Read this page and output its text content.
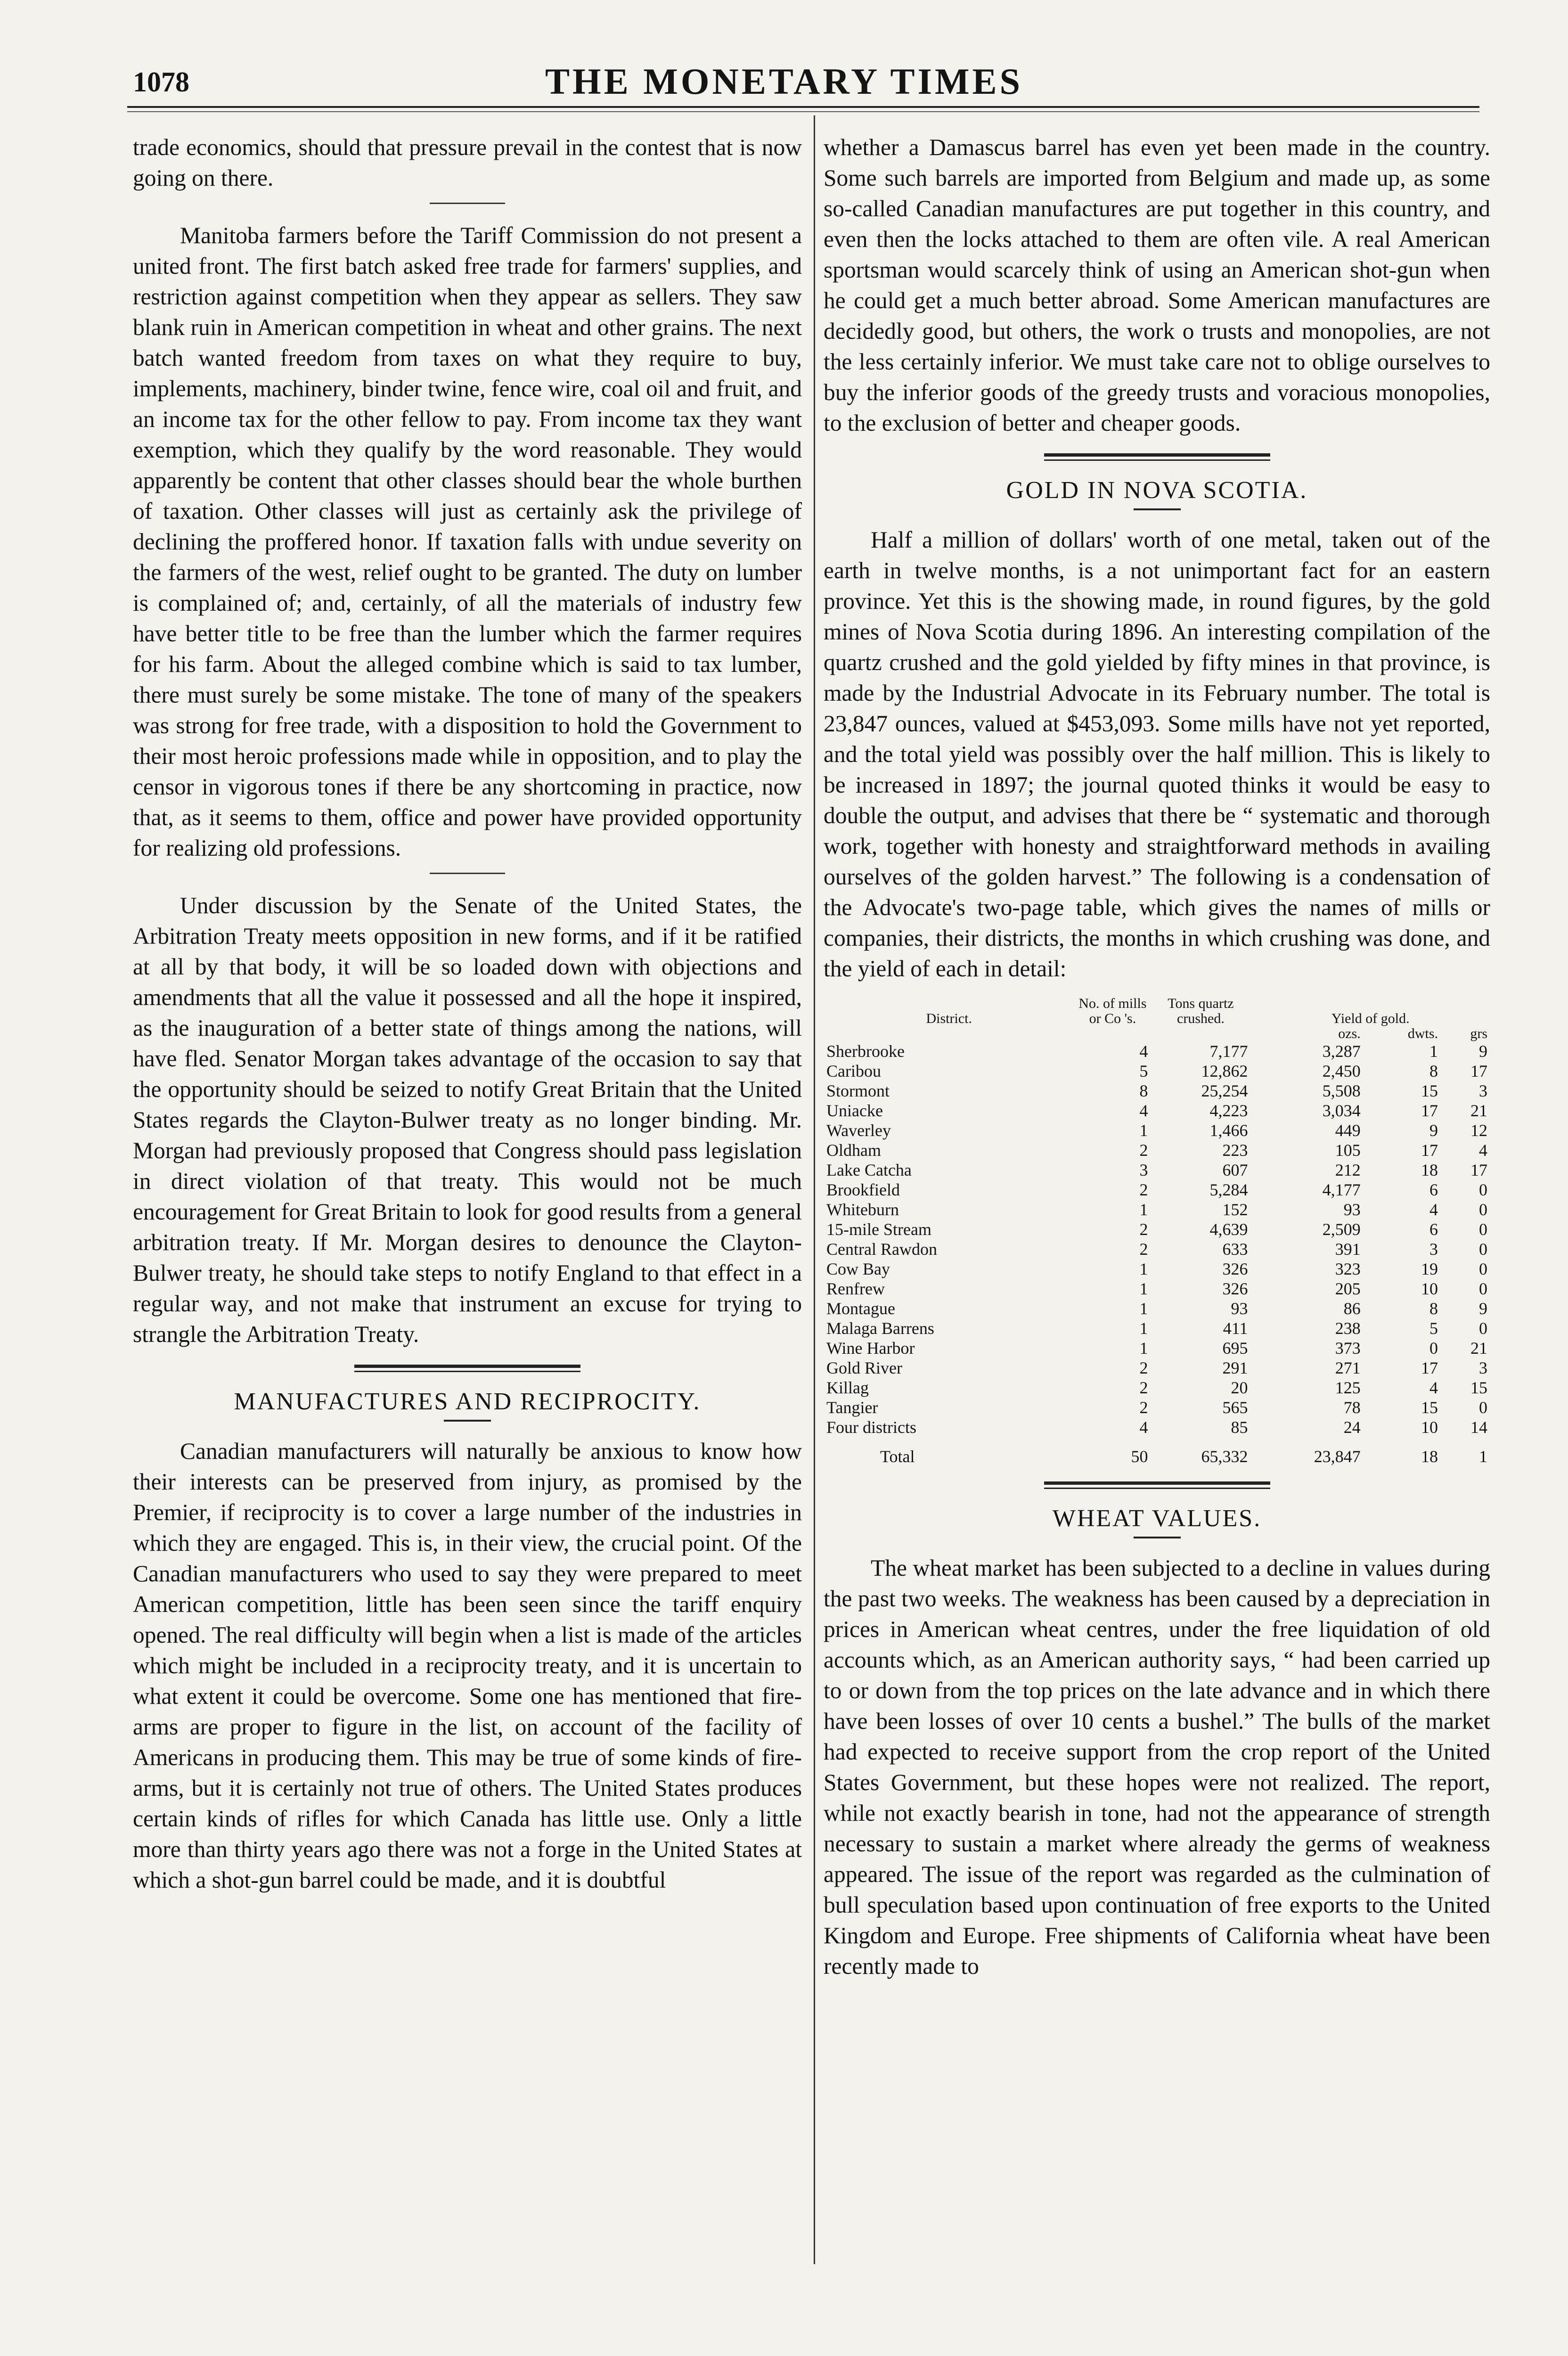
1078	THE MONETARY TIMES

trade economics, should that pressure prevail in the contest that is now going on there.

Manitoba farmers before the Tariff Commission do not present a united front. The first batch asked free trade for farmers' supplies, and restriction against competition when they appear as sellers. They saw blank ruin in American competition in wheat and other grains. The next batch wanted freedom from taxes on what they require to buy, implements, machinery, binder twine, fence wire, coal oil and fruit, and an income tax for the other fellow to pay. From income tax they want exemption, which they qualify by the word reasonable. They would apparently be content that other classes should bear the whole burthen of taxation. Other classes will just as certainly ask the privilege of declining the proffered honor. If taxation falls with undue severity on the farmers of the west, relief ought to be granted. The duty on lumber is complained of; and, certainly, of all the materials of industry few have better title to be free than the lumber which the farmer requires for his farm. About the alleged combine which is said to tax lumber, there must surely be some mistake. The tone of many of the speakers was strong for free trade, with a disposition to hold the Government to their most heroic professions made while in opposition, and to play the censor in vigorous tones if there be any shortcoming in practice, now that, as it seems to them, office and power have provided opportunity for realizing old professions.

Under discussion by the Senate of the United States, the Arbitration Treaty meets opposition in new forms, and if it be ratified at all by that body, it will be so loaded down with objections and amendments that all the value it possessed and all the hope it inspired, as the inauguration of a better state of things among the nations, will have fled. Senator Morgan takes advantage of the occasion to say that the opportunity should be seized to notify Great Britain that the United States regards the Clayton-Bulwer treaty as no longer binding. Mr. Morgan had previously proposed that Congress should pass legislation in direct violation of that treaty. This would not be much encouragement for Great Britain to look for good results from a general arbitration treaty. If Mr. Morgan desires to denounce the Clayton-Bulwer treaty, he should take steps to notify England to that effect in a regular way, and not make that instrument an excuse for trying to strangle the Arbitration Treaty.

MANUFACTURES AND RECIPROCITY.

Canadian manufacturers will naturally be anxious to know how their interests can be preserved from injury, as promised by the Premier, if reciprocity is to cover a large number of the industries in which they are engaged. This is, in their view, the crucial point. Of the Canadian manufacturers who used to say they were prepared to meet American competition, little has been seen since the tariff enquiry opened. The real difficulty will begin when a list is made of the articles which might be included in a reciprocity treaty, and it is uncertain to what extent it could be overcome. Some one has mentioned that fire-arms are proper to figure in the list, on account of the facility of Americans in producing them. This may be true of some kinds of fire-arms, but it is certainly not true of others. The United States produces certain kinds of rifles for which Canada has little use. Only a little more than thirty years ago there was not a forge in the United States at which a shot-gun barrel could be made, and it is doubtful

whether a Damascus barrel has even yet been made in the country. Some such barrels are imported from Belgium and made up, as some so-called Canadian manufactures are put together in this country, and even then the locks attached to them are often vile. A real American sportsman would scarcely think of using an American shot-gun when he could get a much better abroad. Some American manufactures are decidedly good, but others, the work o trusts and monopolies, are not the less certainly inferior. We must take care not to oblige ourselves to buy the inferior goods of the greedy trusts and voracious monopolies, to the exclusion of better and cheaper goods.

GOLD IN NOVA SCOTIA.

Half a million of dollars' worth of one metal, taken out of the earth in twelve months, is a not unimportant fact for an eastern province. Yet this is the showing made, in round figures, by the gold mines of Nova Scotia during 1896. An interesting compilation of the quartz crushed and the gold yielded by fifty mines in that province, is made by the Industrial Advocate in its February number. The total is 23,847 ounces, valued at $453,093. Some mills have not yet reported, and the total yield was possibly over the half million. This is likely to be increased in 1897; the journal quoted thinks it would be easy to double the output, and advises that there be “ systematic and thorough work, together with honesty and straightforward methods in availing ourselves of the golden harvest.” The following is a condensation of the Advocate's two-page table, which gives the names of mills or companies, their districts, the months in which crushing was done, and the yield of each in detail:

District.	No. of mills or Co 's.	Tons quartz crushed.	Yield of gold.		
			ozs.	dwts.	grs
Sherbrooke	4	7,177	3,287	1	9
Caribou	5	12,862	2,450	8	17
Stormont	8	25,254	5,508	15	3
Uniacke	4	4,223	3,034	17	21
Waverley	1	1,466	449	9	12
Oldham	2	223	105	17	4
Lake Catcha	3	607	212	18	17
Brookfield	2	5,284	4,177	6	0
Whiteburn	1	152	93	4	0
15-mile Stream	2	4,639	2,509	6	0
Central Rawdon	2	633	391	3	0
Cow Bay	1	326	323	19	0
Renfrew	1	326	205	10	0
Montague	1	93	86	8	9
Malaga Barrens	1	411	238	5	0
Wine Harbor	1	695	373	0	21
Gold River	2	291	271	17	3
Killag	2	20	125	4	15
Tangier	2	565	78	15	0
Four districts	4	85	24	10	14
Total	50	65,332	23,847	18	1
WHEAT VALUES.

The wheat market has been subjected to a decline in values during the past two weeks. The weakness has been caused by a depreciation in prices in American wheat centres, under the free liquidation of old accounts which, as an American authority says, “ had been carried up to or down from the top prices on the late advance and in which there have been losses of over 10 cents a bushel.” The bulls of the market had expected to receive support from the crop report of the United States Government, but these hopes were not realized. The report, while not exactly bearish in tone, had not the appearance of strength necessary to sustain a market where already the germs of weakness appeared. The issue of the report was regarded as the culmination of bull speculation based upon continuation of free exports to the United Kingdom and Europe. Free shipments of California wheat have been recently made to
